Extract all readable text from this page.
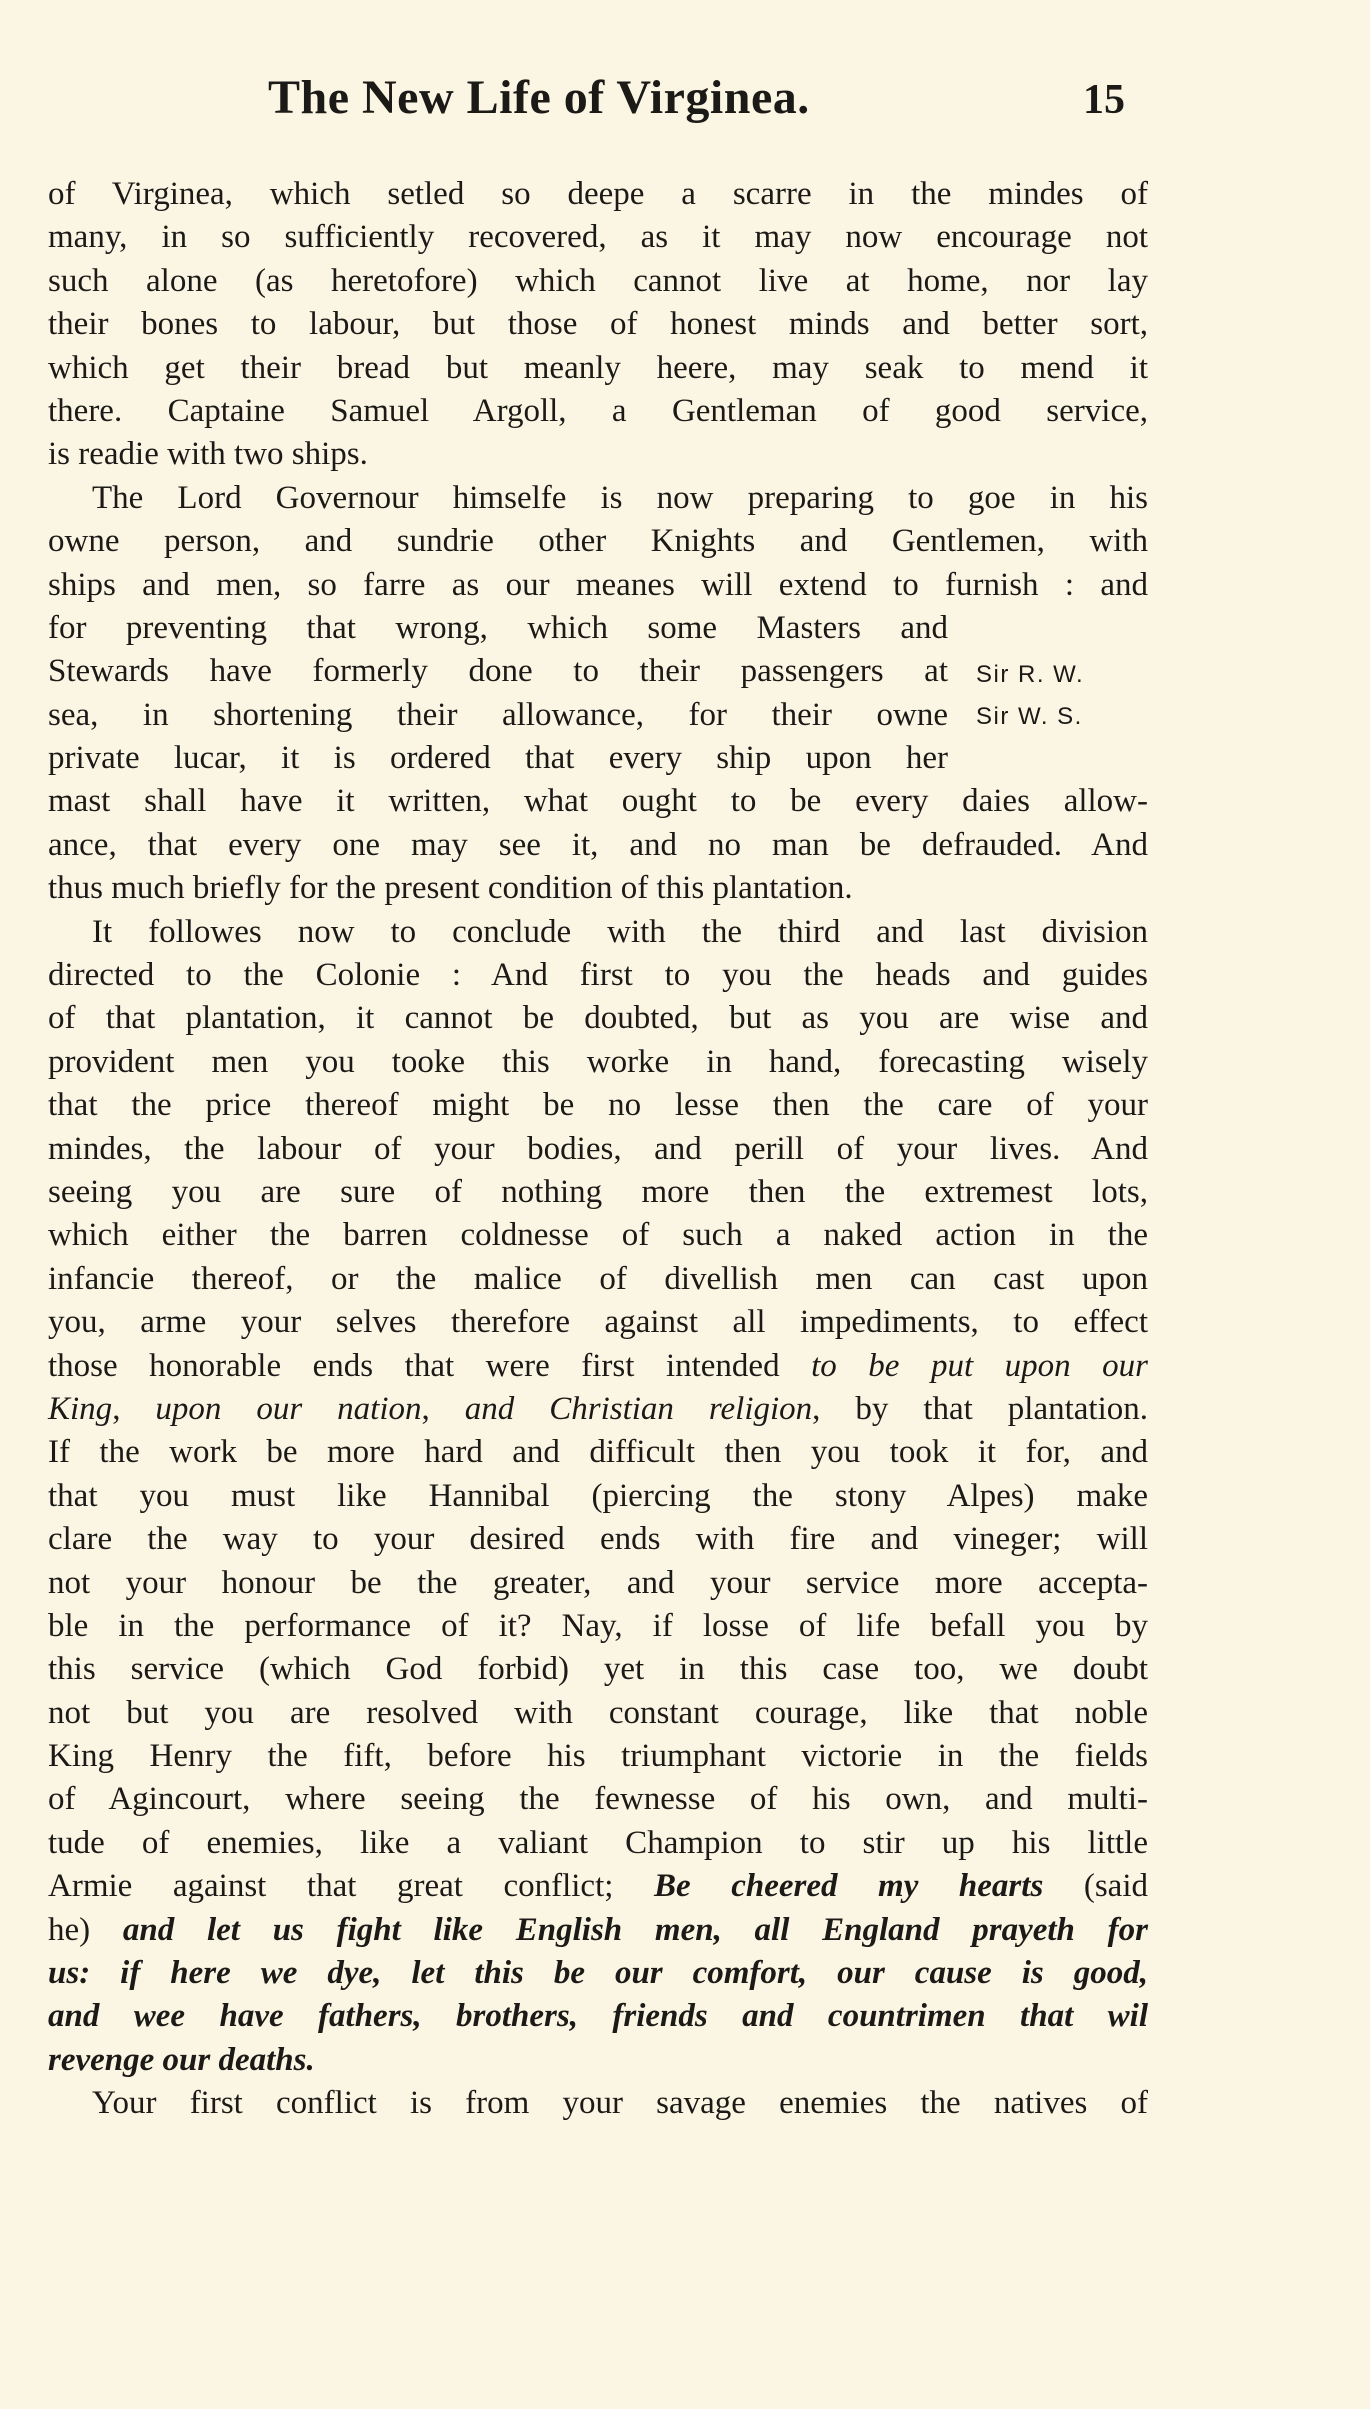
The New Life of Virginea.	15
Sir R. W.
Sir W. S.
of Virginea, which setled so deepe a scarre in the mindes of
many, in so sufficiently recovered, as it may now encourage not
such alone (as heretofore) which cannot live at home, nor lay
their bones to labour, but those of honest minds and better sort,
which get their bread but meanly heere, may seak to mend it
there. Captaine Samuel Argoll, a Gentleman of good service,
is readie with two ships.
The Lord Governour himselfe is now preparing to goe in his
owne person, and sundrie other Knights and Gentlemen, with
ships and men, so farre as our meanes will extend to furnish : and
for preventing that wrong, which some Masters and
Stewards have formerly done to their passengers at
sea, in shortening their allowance, for their owne
private lucar, it is ordered that every ship upon her
mast shall have it written, what ought to be every daies allow-
ance, that every one may see it, and no man be defrauded. And
thus much briefly for the present condition of this plantation.
It followes now to conclude with the third and last division
directed to the Colonie : And first to you the heads and guides
of that plantation, it cannot be doubted, but as you are wise and
provident men you tooke this worke in hand, forecasting wisely
that the price thereof might be no lesse then the care of your
mindes, the labour of your bodies, and perill of your lives. And
seeing you are sure of nothing more then the extremest lots,
which either the barren coldnesse of such a naked action in the
infancie thereof, or the malice of divellish men can cast upon
you, arme your selves therefore against all impediments, to effect
those honorable ends that were first intended to be put upon our
King, upon our nation, and Christian religion, by that plantation.
If the work be more hard and difficult then you took it for, and
that you must like Hannibal (piercing the stony Alpes) make
clare the way to your desired ends with fire and vineger; will
not your honour be the greater, and your service more accepta-
ble in the performance of it? Nay, if losse of life befall you by
this service (which God forbid) yet in this case too, we doubt
not but you are resolved with constant courage, like that noble
King Henry the fift, before his triumphant victorie in the fields
of Agincourt, where seeing the fewnesse of his own, and multi-
tude of enemies, like a valiant Champion to stir up his little
Armie against that great conflict; Be cheered my hearts (said
he) and let us fight like English men, all England prayeth for
us: if here we dye, let this be our comfort, our cause is good,
and wee have fathers, brothers, friends and countrimen that wil
revenge our deaths.
Your first conflict is from your savage enemies the natives of
